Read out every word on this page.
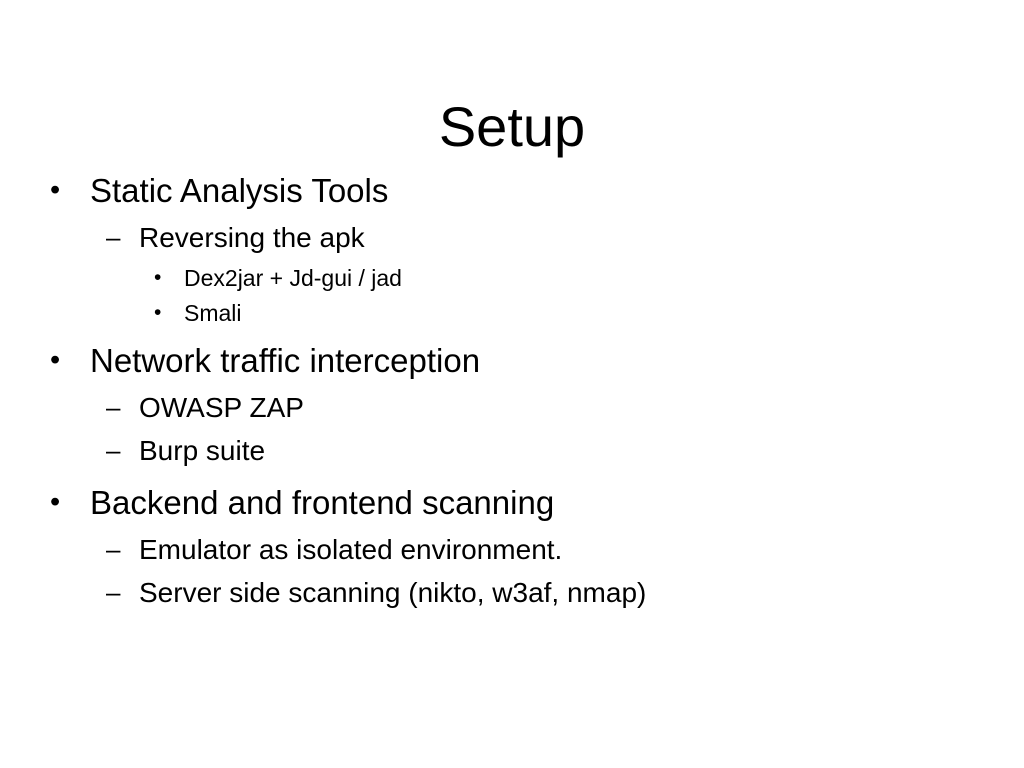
Setup
• Static Analysis Tools
– Reversing the apk
• Dex2jar + Jd-gui / jad
• Smali
• Network traffic interception
– OWASP ZAP
– Burp suite
• Backend and frontend scanning
– Emulator as isolated environment.
– Server side scanning (nikto, w3af, nmap)
